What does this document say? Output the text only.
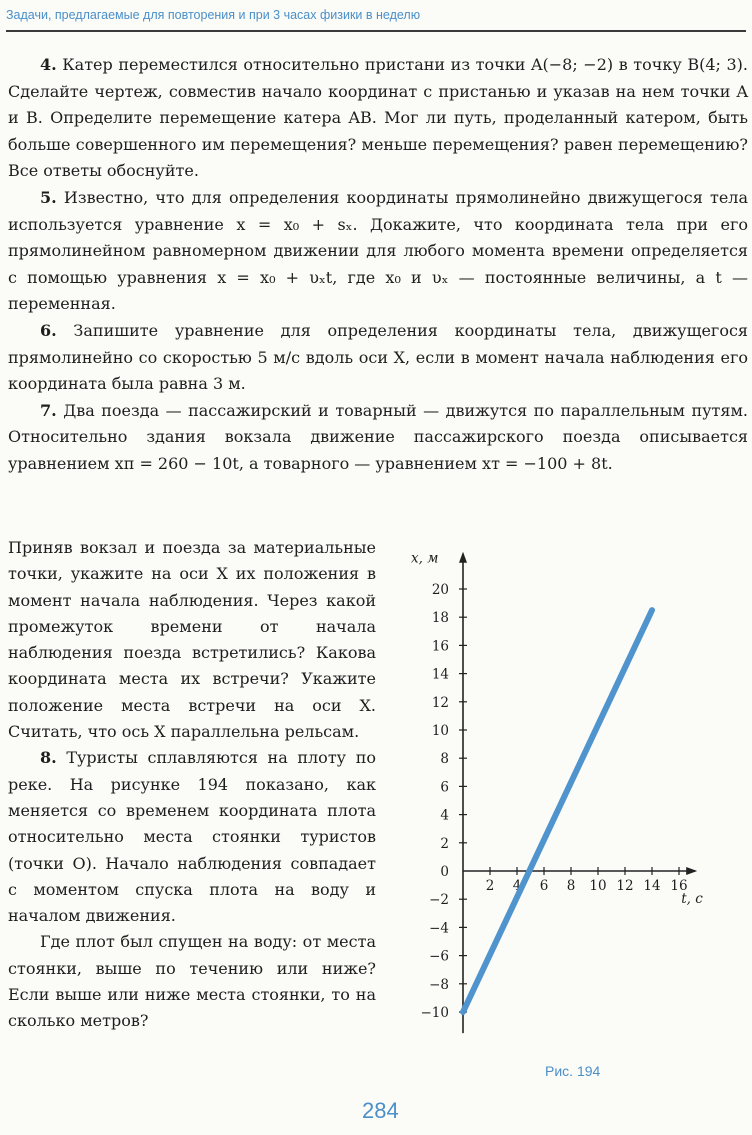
Задачи, предлагаемые для повторения и при 3 часах физики в неделю

4. Катер переместился относительно пристани из точки A(−8; −2) в точку B(4; 3). Сделайте чертеж, совместив начало координат с пристанью и указав на нем точки A и B. Определите перемещение катера AB. Мог ли путь, проделанный катером, быть больше совершенного им перемещения? меньше перемещения? равен перемещению? Все ответы обоснуйте.

5. Известно, что для определения координаты прямолинейно движущегося тела используется уравнение x = x₀ + sₓ. Докажите, что координата тела при его прямолинейном равномерном движении для любого момента времени определяется с помощью уравнения x = x₀ + υₓt, где x₀ и υₓ — постоянные величины, а t — переменная.

6. Запишите уравнение для определения координаты тела, движущегося прямолинейно со скоростью 5 м/с вдоль оси X, если в момент начала наблюдения его координата была равна 3 м.

7. Два поезда — пассажирский и товарный — движутся по параллельным путям. Относительно здания вокзала движение пассажирского поезда описывается уравнением xп = 260 − 10t, а товарного — уравнением xт = −100 + 8t.

Приняв вокзал и поезда за материальные точки, укажите на оси X их положения в момент начала наблюдения. Через какой промежуток времени от начала наблюдения поезда встретились? Какова координата места их встречи? Укажите положение места встречи на оси X. Считать, что ось X параллельна рельсам.

8. Туристы сплавляются на плоту по реке. На рисунке 194 показано, как меняется со временем координата плота относительно места стоянки туристов (точки O). Начало наблюдения совпадает с моментом спуска плота на воду и началом движения.

Где плот был спущен на воду: от места стоянки, выше по течению или ниже? Если выше или ниже места стоянки, то на сколько метров?

x, м
t, c
20
18
16
14
12
10
8
6
4
2
0
−2
−4
−6
−8
−10
2 4 6 8 10 12 14 16
Рис. 194
284
